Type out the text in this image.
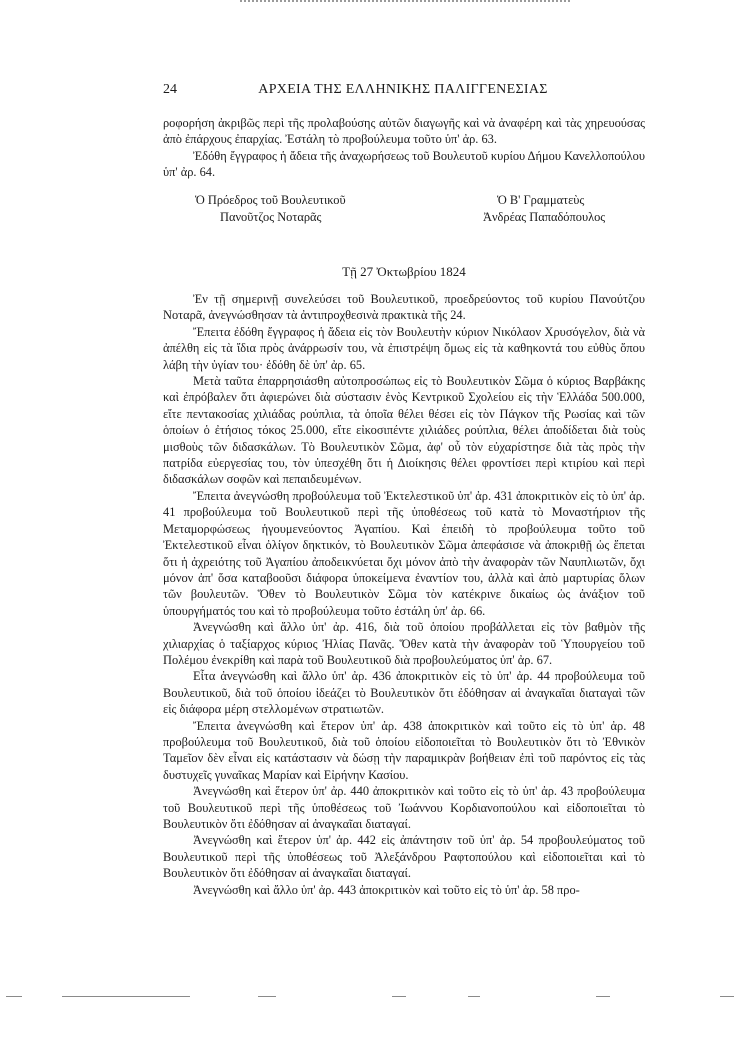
24	ΑΡΧΕΙΑ ΤΗΣ ΕΛΛΗΝΙΚΗΣ ΠΑΛΙΓΓΕΝΕΣΙΑΣ

ροφορήση ἀκριβῶς περὶ τῆς προλαβούσης αὐτῶν διαγωγῆς καὶ νὰ ἀναφέρη καὶ τὰς χηρευούσας ἀπὸ ἐπάρχους ἐπαρχίας. Ἐστάλη τὸ προβούλευμα τοῦτο ὑπ' ἀρ. 63.

Ἐδόθη ἔγγραφος ἡ ἄδεια τῆς ἀναχωρήσεως τοῦ Βουλευτοῦ κυρίου Δήμου Κανελλοπούλου ὑπ' ἀρ. 64.

Ὁ Πρόεδρος τοῦ Βουλευτικοῦ
Πανοῦτζος Νοταρᾶς
Ὁ Β' Γραμματεὺς
Ἀνδρέας Παπαδόπουλος
Τῇ 27 Ὀκτωβρίου 1824

Ἐν τῇ σημερινῇ συνελεύσει τοῦ Βουλευτικοῦ, προεδρεύοντος τοῦ κυρίου Πανούτζου Νοταρᾶ, ἀνεγνώσθησαν τὰ ἀντιπροχθεσινὰ πρακτικὰ τῆς 24.

Ἔπειτα ἐδόθη ἔγγραφος ἡ ἄδεια εἰς τὸν Βουλευτὴν κύριον Νικόλαον Χρυσόγελον, διὰ νὰ ἀπέλθη εἰς τὰ ἴδια πρὸς ἀνάρρωσίν του, νὰ ἐπιστρέψη ὅμως εἰς τὰ καθηκοντά του εὐθὺς ὅπου λάβη τὴν ὑγίαν του· ἐδόθη δὲ ὑπ' ἀρ. 65.

Μετὰ ταῦτα ἐπαρρησιάσθη αὐτοπροσώπως εἰς τὸ Βουλευτικὸν Σῶμα ὁ κύριος Βαρβάκης καὶ ἐπρόβαλεν ὅτι ἀφιερώνει διὰ σύστασιν ἑνὸς Κεντρικοῦ Σχολείου εἰς τὴν Ἑλλάδα 500.000, εἴτε πεντακοσίας χιλιάδας ρούπλια, τὰ ὁποῖα θέλει θέσει εἰς τὸν Πάγκον τῆς Ρωσίας καὶ τῶν ὁποίων ὁ ἐτήσιος τόκος 25.000, εἴτε εἰκοσιπέντε χιλιάδες ρούπλια, θέλει ἀποδίδεται διὰ τοὺς μισθοὺς τῶν διδασκάλων. Τὸ Βουλευτικὸν Σῶμα, ἀφ' οὗ τὸν εὐχαρίστησε διὰ τὰς πρὸς τὴν πατρίδα εὐεργεσίας του, τὸν ὑπεσχέθη ὅτι ἡ Διοίκησις θέλει φροντίσει περὶ κτιρίου καὶ περὶ διδασκάλων σοφῶν καὶ πεπαιδευμένων.

Ἔπειτα ἀνεγνώσθη προβούλευμα τοῦ Ἐκτελεστικοῦ ὑπ' ἀρ. 431 ἀποκριτικὸν εἰς τὸ ὑπ' ἀρ. 41 προβούλευμα τοῦ Βουλευτικοῦ περὶ τῆς ὑποθέσεως τοῦ κατὰ τὸ Μοναστήριον τῆς Μεταμορφώσεως ἡγουμενεύοντος Ἀγαπίου. Καὶ ἐπειδὴ τὸ προβούλευμα τοῦτο τοῦ Ἐκτελεστικοῦ εἶναι ὀλίγον δηκτικόν, τὸ Βουλευτικὸν Σῶμα ἀπεφάσισε νὰ ἀποκριθῇ ὡς ἕπεται ὅτι ἡ ἀχρειότης τοῦ Ἀγαπίου ἀποδεικνύεται ὄχι μόνον ἀπὸ τὴν ἀναφορὰν τῶν Ναυπλιωτῶν, ὄχι μόνον ἀπ' ὅσα καταβοοῦσι διάφορα ὑποκείμενα ἐναντίον του, ἀλλὰ καὶ ἀπὸ μαρτυρίας ὅλων τῶν βουλευτῶν. Ὅθεν τὸ Βουλευτικὸν Σῶμα τὸν κατέκρινε δικαίως ὡς ἀνάξιον τοῦ ὑπουργήματός του καὶ τὸ προβούλευμα τοῦτο ἐστάλη ὑπ' ἀρ. 66.

Ἀνεγνώσθη καὶ ἄλλο ὑπ' ἀρ. 416, διὰ τοῦ ὁποίου προβάλλεται εἰς τὸν βαθμὸν τῆς χιλιαρχίας ὁ ταξίαρχος κύριος Ἠλίας Πανᾶς. Ὅθεν κατὰ τὴν ἀναφορὰν τοῦ Ὑπουργείου τοῦ Πολέμου ἐνεκρίθη καὶ παρὰ τοῦ Βουλευτικοῦ διὰ προβουλεύματος ὑπ' ἀρ. 67.

Εἶτα ἀνεγνώσθη καὶ ἄλλο ὑπ' ἀρ. 436 ἀποκριτικὸν εἰς τὸ ὑπ' ἀρ. 44 προβούλευμα τοῦ Βουλευτικοῦ, διὰ τοῦ ὁποίου ἰδεάζει τὸ Βουλευτικὸν ὅτι ἐδόθησαν αἱ ἀναγκαῖαι διαταγαὶ τῶν εἰς διάφορα μέρη στελλομένων στρατιωτῶν.

Ἔπειτα ἀνεγνώσθη καὶ ἕτερον ὑπ' ἀρ. 438 ἀποκριτικὸν καὶ τοῦτο εἰς τὸ ὑπ' ἀρ. 48 προβούλευμα τοῦ Βουλευτικοῦ, διὰ τοῦ ὁποίου εἰδοποιεῖται τὸ Βουλευτικὸν ὅτι τὸ Ἐθνικὸν Ταμεῖον δὲν εἶναι εἰς κατάστασιν νὰ δώσῃ τὴν παραμικρὰν βοήθειαν ἐπὶ τοῦ παρόντος εἰς τὰς δυστυχεῖς γυναῖκας Μαρίαν καὶ Εἰρήνην Κασίου.

Ἀνεγνώσθη καὶ ἕτερον ὑπ' ἀρ. 440 ἀποκριτικὸν καὶ τοῦτο εἰς τὸ ὑπ' ἀρ. 43 προβούλευμα τοῦ Βουλευτικοῦ περὶ τῆς ὑποθέσεως τοῦ Ἰωάννου Κορδιανοπούλου καὶ εἰδοποιεῖται τὸ Βουλευτικὸν ὅτι ἐδόθησαν αἱ ἀναγκαῖαι διαταγαί.

Ἀνεγνώσθη καὶ ἕτερον ὑπ' ἀρ. 442 εἰς ἀπάντησιν τοῦ ὑπ' ἀρ. 54 προβουλεύματος τοῦ Βουλευτικοῦ περὶ τῆς ὑποθέσεως τοῦ Ἀλεξάνδρου Ραφτοπούλου καὶ εἰδοποιεῖται καὶ τὸ Βουλευτικὸν ὅτι ἐδόθησαν αἱ ἀναγκαῖαι διαταγαί.

Ἀνεγνώσθη καὶ ἄλλο ὑπ' ἀρ. 443 ἀποκριτικὸν καὶ τοῦτο εἰς τὸ ὑπ' ἀρ. 58 προ-
